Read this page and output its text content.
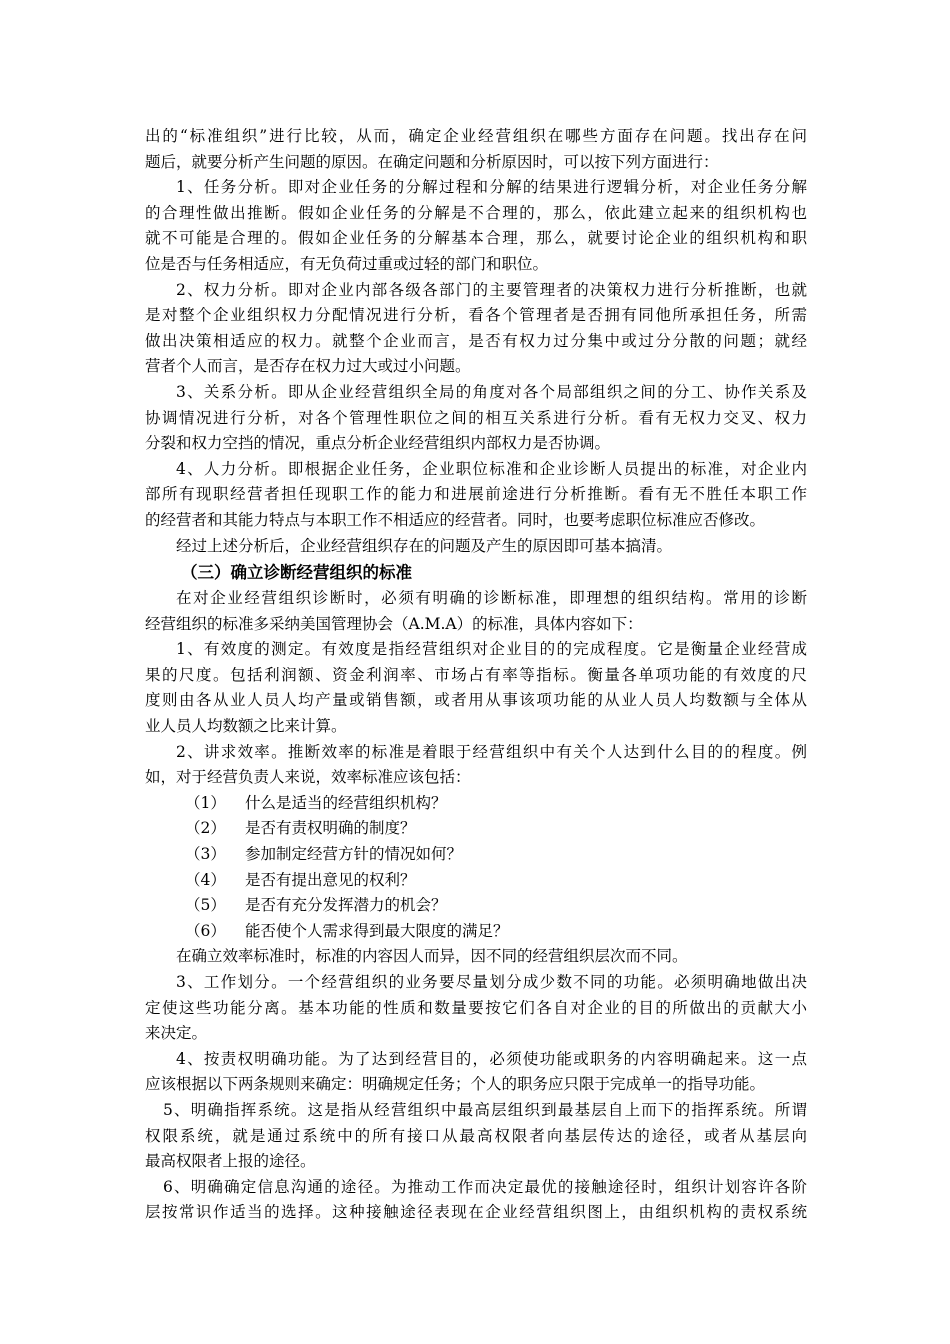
出的“标准组织”进行比较，从而，确定企业经营组织在哪些方面存在问题。找出存在问
题后，就要分析产生问题的原因。在确定问题和分析原因时，可以按下列方面进行：
1、任务分析。即对企业任务的分解过程和分解的结果进行逻辑分析，对企业任务分解
的合理性做出推断。假如企业任务的分解是不合理的，那么，依此建立起来的组织机构也
就不可能是合理的。假如企业任务的分解基本合理，那么，就要讨论企业的组织机构和职
位是否与任务相适应，有无负荷过重或过轻的部门和职位。
2、权力分析。即对企业内部各级各部门的主要管理者的决策权力进行分析推断，也就
是对整个企业组织权力分配情况进行分析，看各个管理者是否拥有同他所承担任务，所需
做出决策相适应的权力。就整个企业而言，是否有权力过分集中或过分分散的问题；就经
营者个人而言，是否存在权力过大或过小问题。
3、关系分析。即从企业经营组织全局的角度对各个局部组织之间的分工、协作关系及
协调情况进行分析，对各个管理性职位之间的相互关系进行分析。看有无权力交叉、权力
分裂和权力空挡的情况，重点分析企业经营组织内部权力是否协调。
4、人力分析。即根据企业任务，企业职位标准和企业诊断人员提出的标准，对企业内
部所有现职经营者担任现职工作的能力和进展前途进行分析推断。看有无不胜任本职工作
的经营者和其能力特点与本职工作不相适应的经营者。同时，也要考虑职位标准应否修改。
经过上述分析后，企业经营组织存在的问题及产生的原因即可基本搞清。
（三）确立诊断经营组织的标准
在对企业经营组织诊断时，必须有明确的诊断标准，即理想的组织结构。常用的诊断
经营组织的标准多采纳美国管理协会（A.M.A）的标准，具体内容如下：
1、有效度的测定。有效度是指经营组织对企业目的的完成程度。它是衡量企业经营成
果的尺度。包括利润额、资金利润率、市场占有率等指标。衡量各单项功能的有效度的尺
度则由各从业人员人均产量或销售额，或者用从事该项功能的从业人员人均数额与全体从
业人员人均数额之比来计算。
2、讲求效率。推断效率的标准是着眼于经营组织中有关个人达到什么目的的程度。例
如，对于经营负责人来说，效率标准应该包括：
（1） 什么是适当的经营组织机构？
（2） 是否有责权明确的制度？
（3） 参加制定经营方针的情况如何？
（4） 是否有提出意见的权利？
（5） 是否有充分发挥潜力的机会？
（6） 能否使个人需求得到最大限度的满足？
在确立效率标准时，标准的内容因人而异，因不同的经营组织层次而不同。
3、工作划分。一个经营组织的业务要尽量划分成少数不同的功能。必须明确地做出决
定使这些功能分离。基本功能的性质和数量要按它们各自对企业的目的所做出的贡献大小
来决定。
4、按责权明确功能。为了达到经营目的，必须使功能或职务的内容明确起来。这一点
应该根据以下两条规则来确定：明确规定任务；个人的职务应只限于完成单一的指导功能。
5、明确指挥系统。这是指从经营组织中最高层组织到最基层自上而下的指挥系统。所谓
权限系统，就是通过系统中的所有接口从最高权限者向基层传达的途径，或者从基层向
最高权限者上报的途径。
6、明确确定信息沟通的途径。为推动工作而决定最优的接触途径时，组织计划容许各阶
层按常识作适当的选择。这种接触途径表现在企业经营组织图上，由组织机构的责权系统
